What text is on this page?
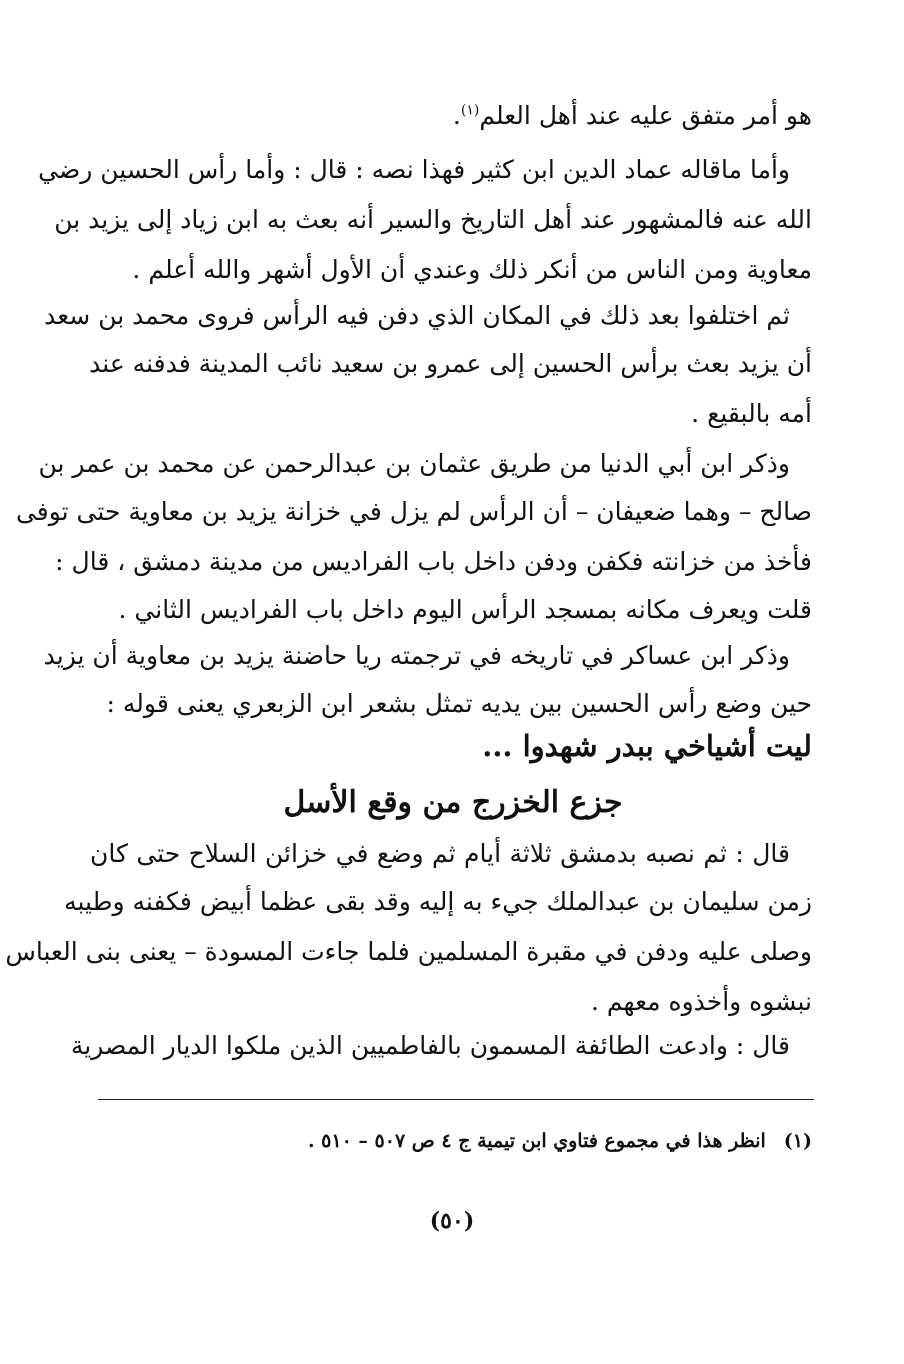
هو أمر متفق عليه عند أهل العلم$^{(١)}$.
وأما ماقاله عماد الدين ابن كثير فهذا نصه : قال : وأما رأس الحسين رضي
الله عنه فالمشهور عند أهل التاريخ والسير أنه بعث به ابن زياد إلى يزيد بن
معاوية ومن الناس من أنكر ذلك وعندي أن الأول أشهر والله أعلم .
ثم اختلفوا بعد ذلك في المكان الذي دفن فيه الرأس فروى محمد بن سعد
أن يزيد بعث برأس الحسين إلى عمرو بن سعيد نائب المدينة فدفنه عند
أمه بالبقيع .
وذكر ابن أبي الدنيا من طريق عثمان بن عبدالرحمن عن محمد بن عمر بن
صالح – وهما ضعيفان – أن الرأس لم يزل في خزانة يزيد بن معاوية حتى توفى
فأخذ من خزانته فكفن ودفن داخل باب الفراديس من مدينة دمشق ، قال :
قلت ويعرف مكانه بمسجد الرأس اليوم داخل باب الفراديس الثاني .
وذكر ابن عساكر في تاريخه في ترجمته ريا حاضنة يزيد بن معاوية أن يزيد
حين وضع رأس الحسين بين يديه تمثل بشعر ابن الزبعري يعنى قوله :
ليت أشياخي ببدر شهدوا ...
جزع الخزرج من وقع الأسل
قال : ثم نصبه بدمشق ثلاثة أيام ثم وضع في خزائن السلاح حتى كان
زمن سليمان بن عبدالملك جيء به إليه وقد بقى عظما أبيض فكفنه وطيبه
وصلى عليه ودفن في مقبرة المسلمين فلما جاءت المسودة – يعنى بنى العباس
نبشوه وأخذوه معهم .
قال : وادعت الطائفة المسمون بالفاطميين الذين ملكوا الديار المصرية
(١)انظر هذا في مجموع فتاوي ابن تيمية ج ٤ ص ٥٠٧ – ٥١٠ .
(٥٠)
